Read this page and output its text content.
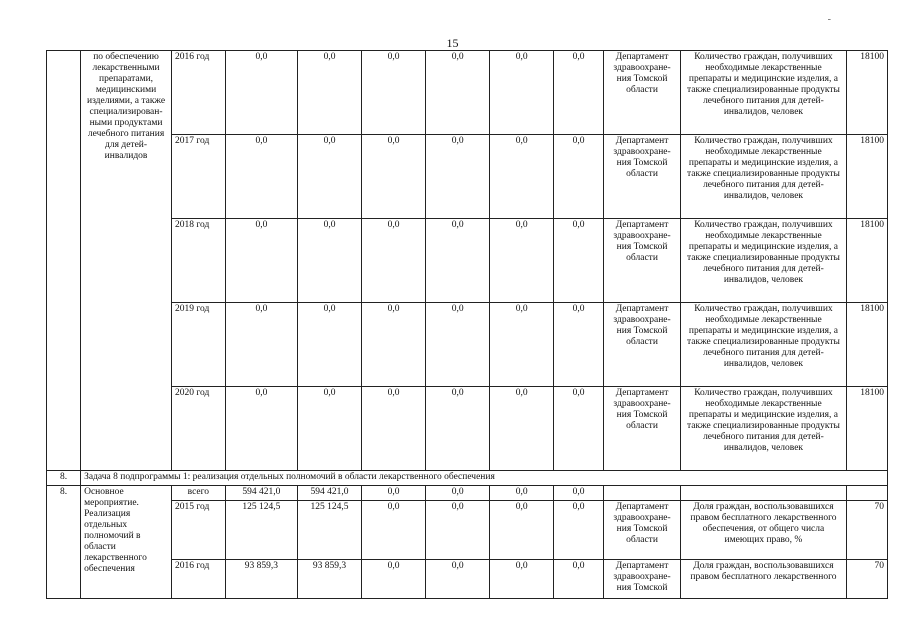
15
-
	по обеспечению лекарственными препаратами, медицинскими изделиями, а также специализирован-ными продуктами лечебного питания для детей-инвалидов	2016 год	0,0	0,0	0,0	0,0	0,0	0,0	Департамент здравоохране-ния Томской области	Количество граждан, получивших необходимые лекарственные препараты и медицинские изделия, а также специализированные продукты лечебного питания для детей-инвалидов, человек	18100
		2017 год	0,0	0,0	0,0	0,0	0,0	0,0	Департамент здравоохране-ния Томской области	Количество граждан, получивших необходимые лекарственные препараты и медицинские изделия, а также специализированные продукты лечебного питания для детей-инвалидов, человек	18100
		2018 год	0,0	0,0	0,0	0,0	0,0	0,0	Департамент здравоохране-ния Томской области	Количество граждан, получивших необходимые лекарственные препараты и медицинские изделия, а также специализированные продукты лечебного питания для детей-инвалидов, человек	18100
		2019 год	0,0	0,0	0,0	0,0	0,0	0,0	Департамент здравоохране-ния Томской области	Количество граждан, получивших необходимые лекарственные препараты и медицинские изделия, а также специализированные продукты лечебного питания для детей-инвалидов, человек	18100
		2020 год	0,0	0,0	0,0	0,0	0,0	0,0	Департамент здравоохране-ния Томской области	Количество граждан, получивших необходимые лекарственные препараты и медицинские изделия, а также специализированные продукты лечебного питания для детей-инвалидов, человек	18100
8.	Задача 8 подпрограммы 1: реализация отдельных полномочий в области лекарственного обеспечения										
8.	Основное мероприятие. Реализация отдельных полномочий в области лекарственного обеспечения	всего	594 421,0	594 421,0	0,0	0,0	0,0	0,0			
		2015 год	125 124,5	125 124,5	0,0	0,0	0,0	0,0	Департамент здравоохране-ния Томской области	Доля граждан, воспользовавшихся правом бесплатного лекарственного обеспечения, от общего числа имеющих право, %	70
		2016 год	93 859,3	93 859,3	0,0	0,0	0,0	0,0	Департамент здравоохране-ния Томской	Доля граждан, воспользовавшихся правом бесплатного лекарственного	70
